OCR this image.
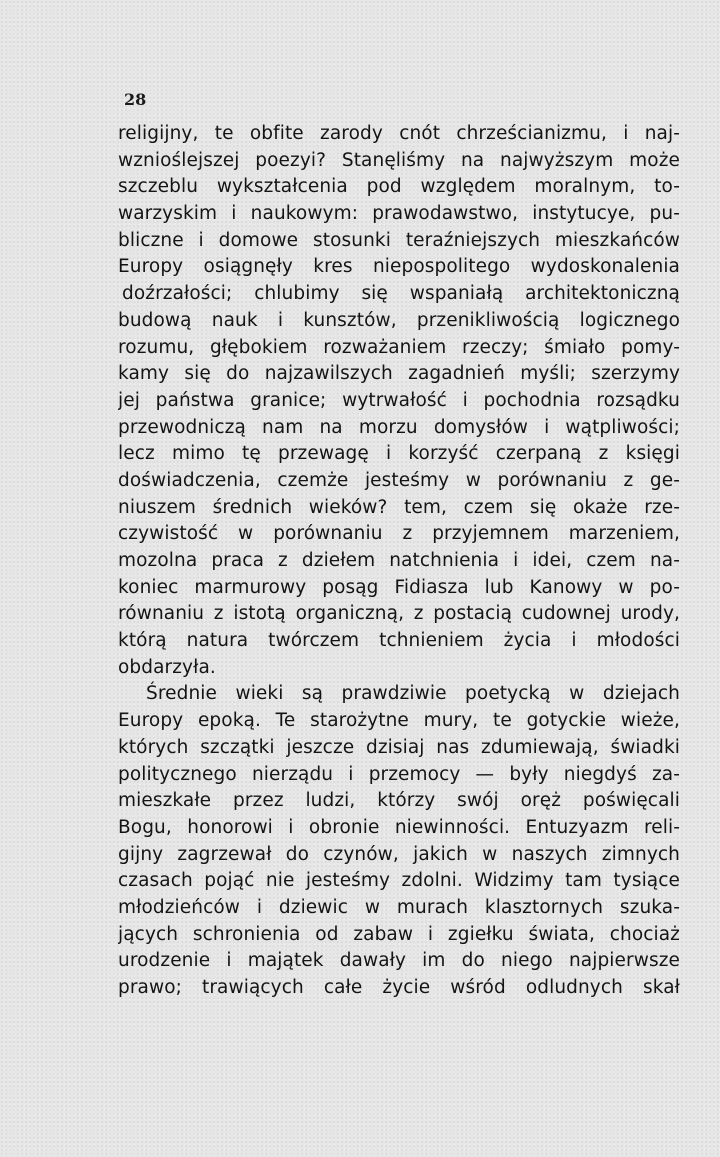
28
religijny, te obfite zarody cnót chrześcianizmu, i naj-
wznioślejszej poezyi? Stanęliśmy na najwyższym może
szczeblu wykształcenia pod względem moralnym, to-
warzyskim i naukowym: prawodawstwo, instytucye, pu-
bliczne i domowe stosunki teraźniejszych mieszkańców
Europy osiągnęły kres niepospolitego wydoskonalenia
doźrzałości; chlubimy się wspaniałą architektoniczną
budową nauk i kunsztów, przenikliwością logicznego
rozumu, głębokiem rozważaniem rzeczy; śmiało pomy-
kamy się do najzawilszych zagadnień myśli; szerzymy
jej państwa granice; wytrwałość i pochodnia rozsądku
przewodniczą nam na morzu domysłów i wątpliwości;
lecz mimo tę przewagę i korzyść czerpaną z księgi
doświadczenia, czemże jesteśmy w porównaniu z ge-
niuszem średnich wieków? tem, czem się okaże rze-
czywistość w porównaniu z przyjemnem marzeniem,
mozolna praca z dziełem natchnienia i idei, czem na-
koniec marmurowy posąg Fidiasza lub Kanowy w po-
równaniu z istotą organiczną, z postacią cudownej urody,
którą natura twórczem tchnieniem życia i młodości
obdarzyła.
Średnie wieki są prawdziwie poetycką w dziejach
Europy epoką. Te starożytne mury, te gotyckie wieże,
których szczątki jeszcze dzisiaj nas zdumiewają, świadki
politycznego nierządu i przemocy — były niegdyś za-
mieszkałe przez ludzi, którzy swój oręż poświęcali
Bogu, honorowi i obronie niewinności. Entuzyazm reli-
gijny zagrzewał do czynów, jakich w naszych zimnych
czasach pojąć nie jesteśmy zdolni. Widzimy tam tysiące
młodzieńców i dziewic w murach klasztornych szuka-
jących schronienia od zabaw i zgiełku świata, chociaż
urodzenie i majątek dawały im do niego najpierwsze
prawo; trawiących całe życie wśród odludnych skał
